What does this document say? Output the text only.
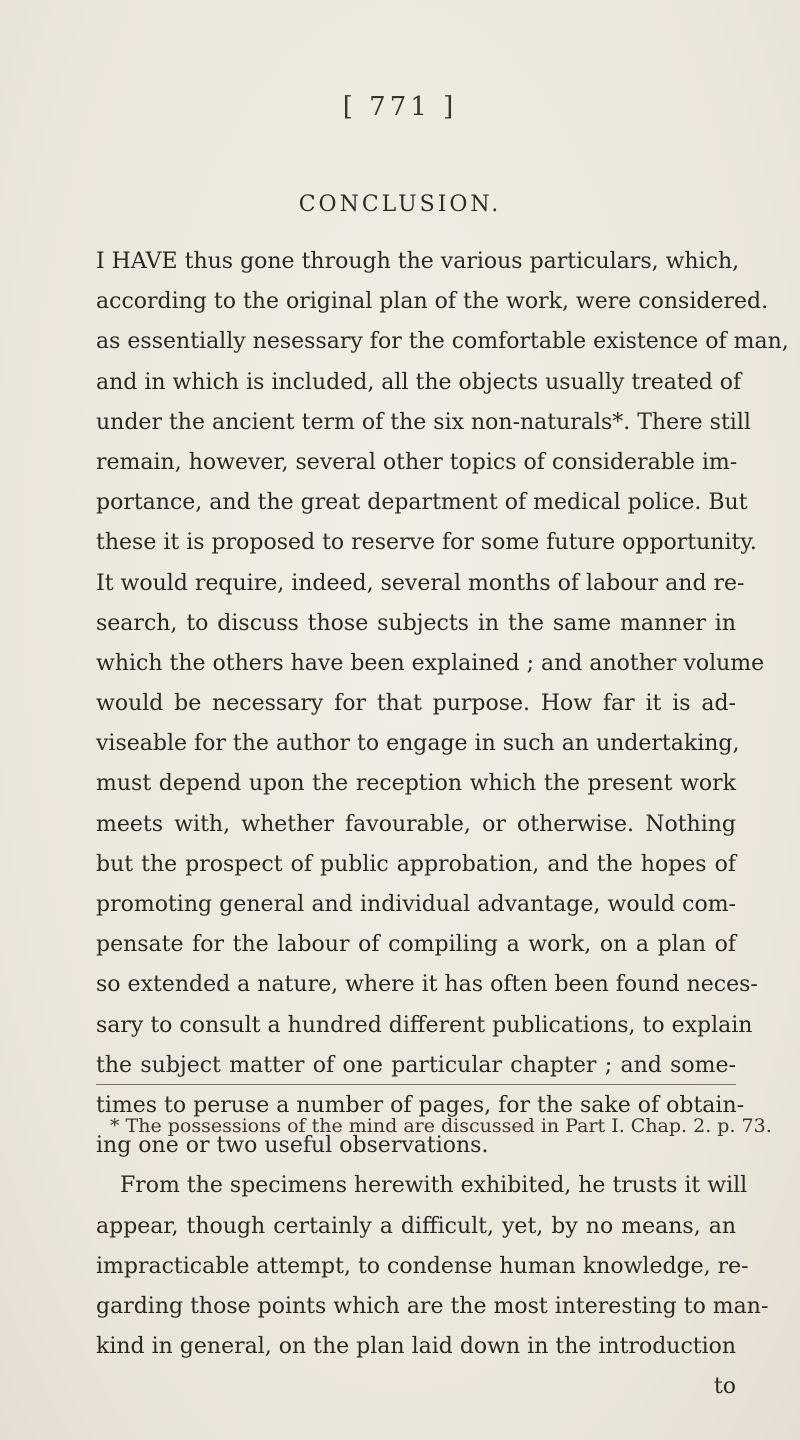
[ 771 ]
CONCLUSION.
I HAVE thus gone through the various particulars, which,
according to the original plan of the work, were considered.
as essentially nesessary for the comfortable existence of man,
and in which is included, all the objects usually treated of
under the ancient term of the six non-naturals*. There still
remain, however, several other topics of considerable im-
portance, and the great department of medical police. But
these it is proposed to reserve for some future opportunity.
It would require, indeed, several months of labour and re-
search, to discuss those subjects in the same manner in
which the others have been explained ; and another volume
would be necessary for that purpose. How far it is ad-
viseable for the author to engage in such an undertaking,
must depend upon the reception which the present work
meets with, whether favourable, or otherwise. Nothing
but the prospect of public approbation, and the hopes of
promoting general and individual advantage, would com-
pensate for the labour of compiling a work, on a plan of
so extended a nature, where it has often been found neces-
sary to consult a hundred different publications, to explain
the subject matter of one particular chapter ; and some-
times to peruse a number of pages, for the sake of obtain-
ing one or two useful observations.
From the specimens herewith exhibited, he trusts it will
appear, though certainly a difficult, yet, by no means, an
impracticable attempt, to condense human knowledge, re-
garding those points which are the most interesting to man-
kind in general, on the plan laid down in the introduction
to
* The possessions of the mind are discussed in Part I. Chap. 2. p. 73.
